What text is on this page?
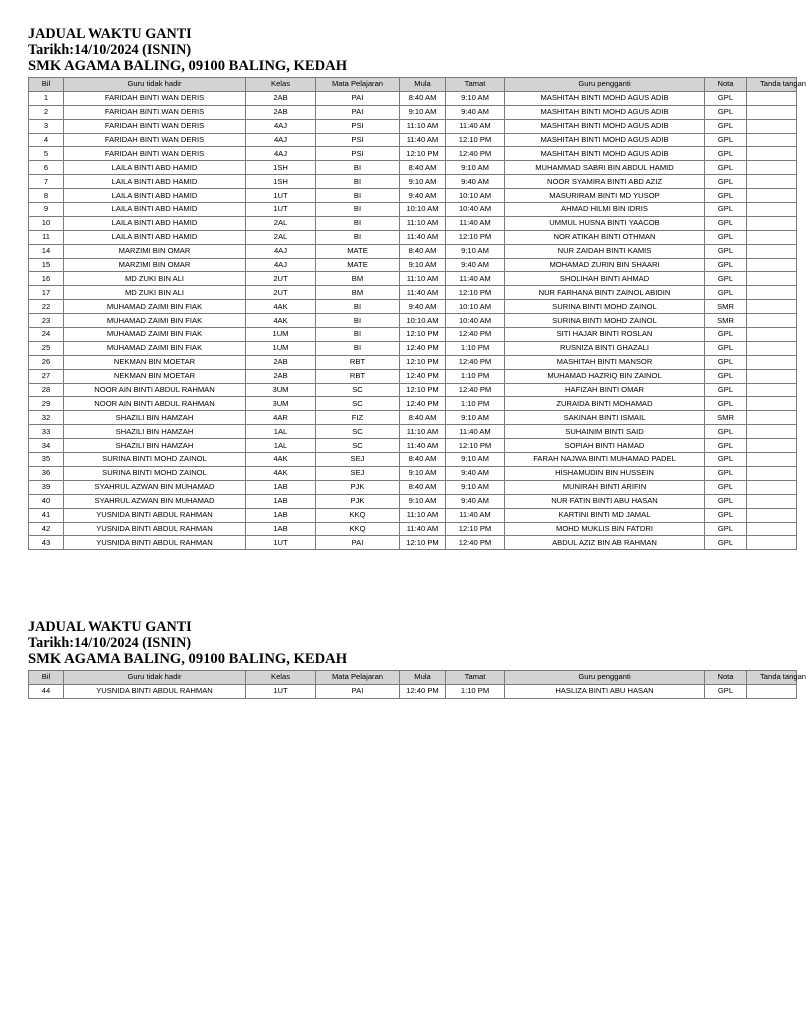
JADUAL WAKTU GANTI
Tarikh:14/10/2024 (ISNIN)
SMK AGAMA BALING, 09100 BALING, KEDAH
Bil	Guru tidak hadir	Kelas	Mata Pelajaran	Mula	Tamat	Guru pengganti	Nota	Tanda tangan
1	FARIDAH BINTI WAN DERIS	2AB	PAI	8:40 AM	9:10 AM	MASHITAH BINTI MOHD AGUS ADIB	GPL	
2	FARIDAH BINTI WAN DERIS	2AB	PAI	9:10 AM	9:40 AM	MASHITAH BINTI MOHD AGUS ADIB	GPL	
3	FARIDAH BINTI WAN DERIS	4AJ	PSI	11:10 AM	11:40 AM	MASHITAH BINTI MOHD AGUS ADIB	GPL	
4	FARIDAH BINTI WAN DERIS	4AJ	PSI	11:40 AM	12:10 PM	MASHITAH BINTI MOHD AGUS ADIB	GPL	
5	FARIDAH BINTI WAN DERIS	4AJ	PSI	12:10 PM	12:40 PM	MASHITAH BINTI MOHD AGUS ADIB	GPL	
6	LAILA BINTI ABD HAMID	1SH	BI	8:40 AM	9:10 AM	MUHAMMAD SABRI BIN ABDUL HAMID	GPL	
7	LAILA BINTI ABD HAMID	1SH	BI	9:10 AM	9:40 AM	NOOR SYAMIRA BINTI ABD AZIZ	GPL	
8	LAILA BINTI ABD HAMID	1UT	BI	9:40 AM	10:10 AM	MASURIRAM BINTI MD YUSOP	GPL	
9	LAILA BINTI ABD HAMID	1UT	BI	10:10 AM	10:40 AM	AHMAD HILMI BIN IDRIS	GPL	
10	LAILA BINTI ABD HAMID	2AL	BI	11:10 AM	11:40 AM	UMMUL HUSNA BINTI YAACOB	GPL	
11	LAILA BINTI ABD HAMID	2AL	BI	11:40 AM	12:10 PM	NOR ATIKAH BINTI OTHMAN	GPL	
14	MARZIMI BIN OMAR	4AJ	MATE	8:40 AM	9:10 AM	NUR ZAIDAH BINTI KAMIS	GPL	
15	MARZIMI BIN OMAR	4AJ	MATE	9:10 AM	9:40 AM	MOHAMAD ZURIN BIN SHAARI	GPL	
16	MD ZUKI BIN ALI	2UT	BM	11:10 AM	11:40 AM	SHOLIHAH BINTI AHMAD	GPL	
17	MD ZUKI BIN ALI	2UT	BM	11:40 AM	12:10 PM	NUR FARHANA BINTI ZAINOL ABIDIN	GPL	
22	MUHAMAD ZAIMI BIN FIAK	4AK	BI	9:40 AM	10:10 AM	SURINA BINTI MOHD ZAINOL	SMR	
23	MUHAMAD ZAIMI BIN FIAK	4AK	BI	10:10 AM	10:40 AM	SURINA BINTI MOHD ZAINOL	SMR	
24	MUHAMAD ZAIMI BIN FIAK	1UM	BI	12:10 PM	12:40 PM	SITI HAJAR BINTI ROSLAN	GPL	
25	MUHAMAD ZAIMI BIN FIAK	1UM	BI	12:40 PM	1:10 PM	RUSNIZA BINTI GHAZALI	GPL	
26	NEKMAN BIN MOETAR	2AB	RBT	12:10 PM	12:40 PM	MASHITAH BINTI MANSOR	GPL	
27	NEKMAN BIN MOETAR	2AB	RBT	12:40 PM	1:10 PM	MUHAMAD HAZRIQ BIN ZAINOL	GPL	
28	NOOR AIN BINTI ABDUL RAHMAN	3UM	SC	12:10 PM	12:40 PM	HAFIZAH BINTI OMAR	GPL	
29	NOOR AIN BINTI ABDUL RAHMAN	3UM	SC	12:40 PM	1:10 PM	ZURAIDA BINTI MOHAMAD	GPL	
32	SHAZILI BIN HAMZAH	4AR	FIZ	8:40 AM	9:10 AM	SAKINAH BINTI ISMAIL	SMR	
33	SHAZILI BIN HAMZAH	1AL	SC	11:10 AM	11:40 AM	SUHAINIM BINTI SAID	GPL	
34	SHAZILI BIN HAMZAH	1AL	SC	11:40 AM	12:10 PM	SOPIAH BINTI HAMAD	GPL	
35	SURINA BINTI MOHD ZAINOL	4AK	SEJ	8:40 AM	9:10 AM	FARAH NAJWA BINTI MUHAMAD PADEL	GPL	
36	SURINA BINTI MOHD ZAINOL	4AK	SEJ	9:10 AM	9:40 AM	HISHAMUDIN BIN HUSSEIN	GPL	
39	SYAHRUL AZWAN BIN MUHAMAD	1AB	PJK	8:40 AM	9:10 AM	MUNIRAH BINTI ARIFIN	GPL	
40	SYAHRUL AZWAN BIN MUHAMAD	1AB	PJK	9:10 AM	9:40 AM	NUR FATIN BINTI ABU HASAN	GPL	
41	YUSNIDA BINTI ABDUL RAHMAN	1AB	KKQ	11:10 AM	11:40 AM	KARTINI BINTI MD JAMAL	GPL	
42	YUSNIDA BINTI ABDUL RAHMAN	1AB	KKQ	11:40 AM	12:10 PM	MOHD MUKLIS BIN FATDRI	GPL	
43	YUSNIDA BINTI ABDUL RAHMAN	1UT	PAI	12:10 PM	12:40 PM	ABDUL AZIZ BIN AB RAHMAN	GPL	
JADUAL WAKTU GANTI
Tarikh:14/10/2024 (ISNIN)
SMK AGAMA BALING, 09100 BALING, KEDAH
Bil	Guru tidak hadir	Kelas	Mata Pelajaran	Mula	Tamat	Guru pengganti	Nota	Tanda tangan
44	YUSNIDA BINTI ABDUL RAHMAN	1UT	PAI	12:40 PM	1:10 PM	HASLIZA BINTI ABU HASAN	GPL	
